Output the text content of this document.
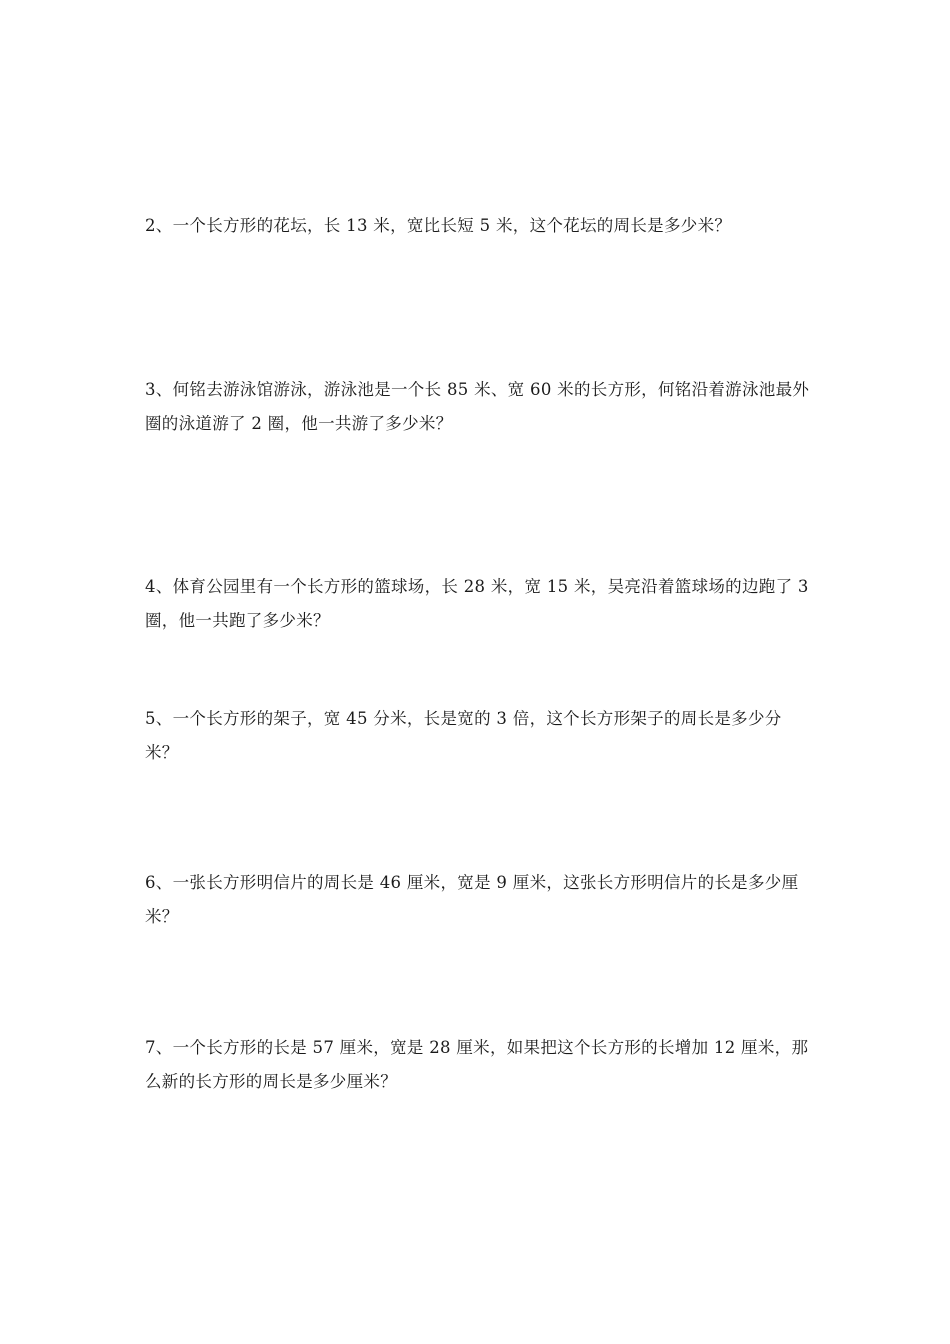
2、一个长方形的花坛，长 13 米，宽比长短 5 米，这个花坛的周长是多少米？
3、何铭去游泳馆游泳，游泳池是一个长 85 米、宽 60 米的长方形，何铭沿着游泳池最外圈的泳道游了 2 圈，他一共游了多少米？
4、体育公园里有一个长方形的篮球场，长 28 米，宽 15 米，吴亮沿着篮球场的边跑了 3 圈，他一共跑了多少米？
5、一个长方形的架子，宽 45 分米，长是宽的 3 倍，这个长方形架子的周长是多少分米？
6、一张长方形明信片的周长是 46 厘米，宽是 9 厘米，这张长方形明信片的长是多少厘米？
7、一个长方形的长是 57 厘米，宽是 28 厘米，如果把这个长方形的长增加 12 厘米，那么新的长方形的周长是多少厘米？
